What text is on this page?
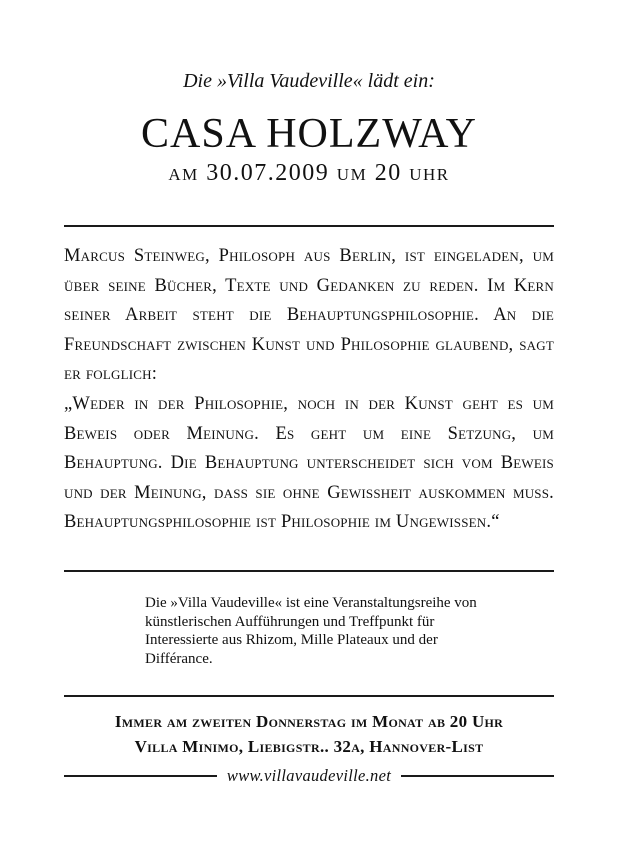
Die »Villa Vaudeville« lädt ein:
CASA HOLZWAY
am 30.07.2009 um 20 uhr
Marcus Steinweg, Philosoph aus Berlin, ist eingeladen, um über seine Bücher, Texte und Gedanken zu reden. Im Kern seiner Arbeit steht die Behauptungsphilosophie. An die Freundschaft zwischen Kunst und Philosophie glaubend, sagt er folglich:
„Weder in der Philosophie, noch in der Kunst geht es um Beweis oder Meinung. Es geht um eine Setzung, um Behauptung. Die Behauptung unterscheidet sich vom Beweis und der Meinung, dass sie ohne Gewissheit auskommen muss. Behauptungsphilosophie ist Philosophie im Ungewissen.“

Die »Villa Vaudeville« ist eine Veranstaltungsreihe von künstlerischen Aufführungen und Treffpunkt für Interessierte aus Rhizom, Mille Plateaux und der Différance.

Immer am zweiten Donnerstag im Monat ab 20 Uhr
Villa Minimo, Liebigstr.. 32a, Hannover-List
www.villavaudeville.net
